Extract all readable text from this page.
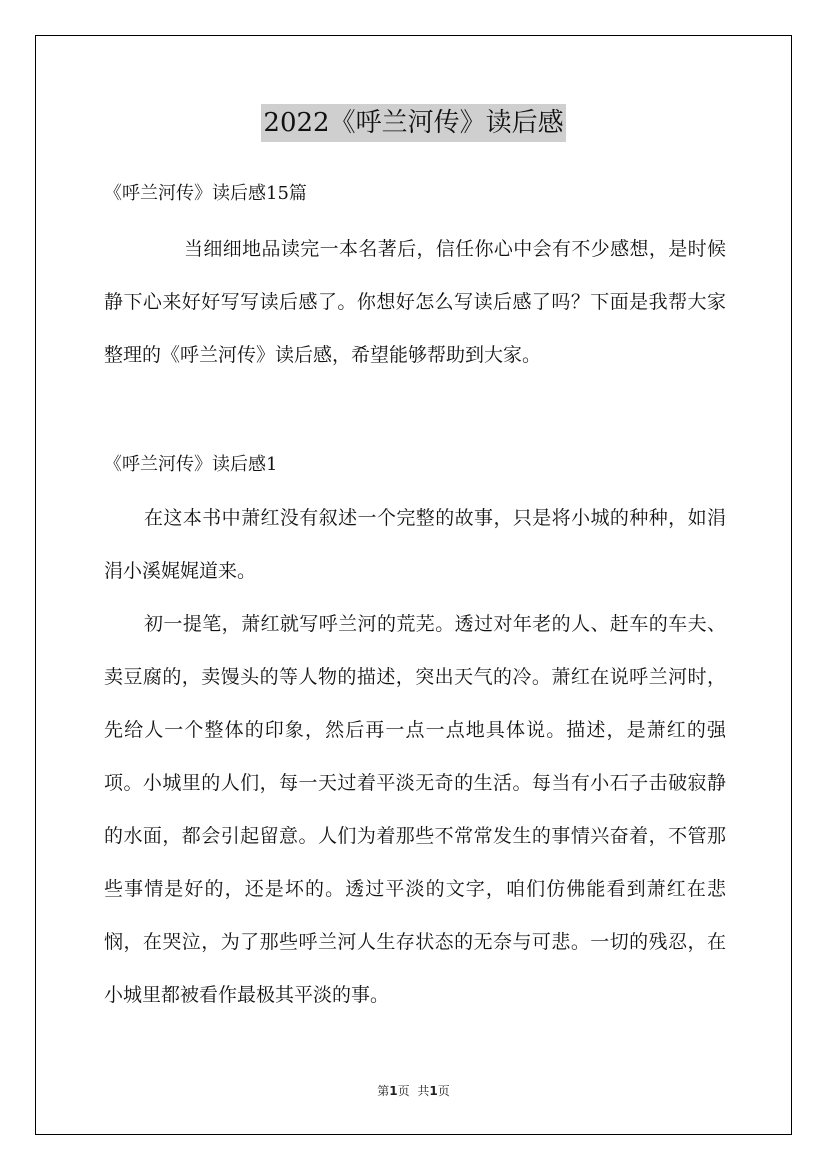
2022《呼兰河传》读后感
《呼兰河传》读后感15篇

当细细地品读完一本名著后，信任你心中会有不少感想，是时候静下心来好好写写读后感了。你想好怎么写读后感了吗？下面是我帮大家整理的《呼兰河传》读后感，希望能够帮助到大家。

《呼兰河传》读后感1

在这本书中萧红没有叙述一个完整的故事，只是将小城的种种，如涓涓小溪娓娓道来。

初一提笔，萧红就写呼兰河的荒芜。透过对年老的人、赶车的车夫、卖豆腐的，卖馒头的等人物的描述，突出天气的冷。萧红在说呼兰河时，先给人一个整体的印象，然后再一点一点地具体说。描述，是萧红的强项。小城里的人们，每一天过着平淡无奇的生活。每当有小石子击破寂静的水面，都会引起留意。人们为着那些不常常发生的事情兴奋着，不管那些事情是好的，还是坏的。透过平淡的文字，咱们仿佛能看到萧红在悲悯，在哭泣，为了那些呼兰河人生存状态的无奈与可悲。一切的残忍，在小城里都被看作最极其平淡的事。

第1页 共1页
